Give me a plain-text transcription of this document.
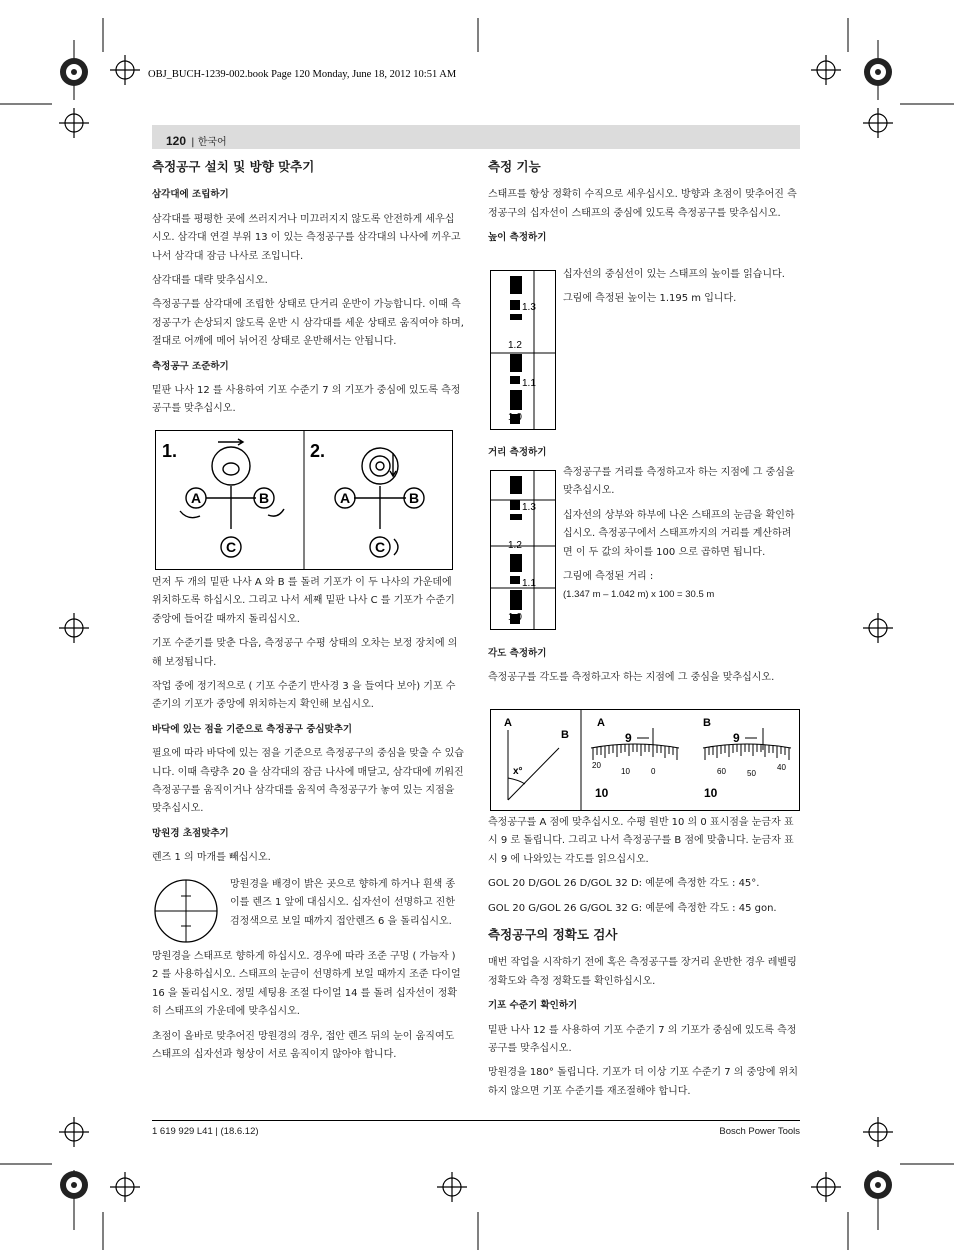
OBJ_BUCH-1239-002.book Page 120 Monday, June 18, 2012 10:51 AM
120 | 한국어
측정공구 설치 및 방향 맞추기
삼각대에 조립하기

삼각대를 평평한 곳에 쓰러지거나 미끄러지지 않도록 안전하게 세우십시오. 삼각대 연결 부위 13 이 있는 측정공구를 삼각대의 나사에 끼우고 나서 삼각대 잠금 나사로 조입니다.

삼각대를 대략 맞추십시오.

측정공구를 삼각대에 조립한 상태로 단거리 운반이 가능합니다. 이때 측정공구가 손상되지 않도록 운반 시 삼각대를 세운 상태로 움직여야 하며, 절대로 어깨에 메어 뉘어진 상태로 운반해서는 안됩니다.

측정공구 조준하기

밑판 나사 12 를 사용하여 기포 수준기 7 의 기포가 중심에 있도록 측정공구를 맞추십시오.

1.	2.
A	B
C
A	B
C

먼저 두 개의 밑판 나사 A 와 B 를 돌려 기포가 이 두 나사의 가운데에 위치하도록 하십시오. 그리고 나서 세째 밑판 나사 C 를 기포가 수준기 중앙에 들어갈 때까지 돌리십시오.

기포 수준기를 맞춘 다음, 측정공구 수평 상태의 오차는 보정 장치에 의해 보정됩니다.

작업 중에 정기적으로 ( 기포 수준기 반사경 3 을 들여다 보아) 기포 수준기의 기포가 중앙에 위치하는지 확인해 보십시오.

바닥에 있는 점을 기준으로 측정공구 중심맞추기

필요에 따라 바닥에 있는 점을 기준으로 측정공구의 중심을 맞출 수 있습니다. 이때 측량추 20 을 삼각대의 잠금 나사에 매달고, 삼각대에 끼워진 측정공구를 움직이거나 삼각대를 움직여 측정공구가 놓여 있는 지점을 맞추십시오.

망원경 초점맞추기

렌즈 1 의 마개를 빼십시오.

망원경을 배경이 밝은 곳으로 향하게 하거나 흰색 종이를 렌즈 1 앞에 대십시오. 십자선이 선명하고 진한 검정색으로 보일 때까지 접안렌즈 6 을 돌리십시오.

망원경을 스태프로 향하게 하십시오. 경우에 따라 조준 구멍 ( 가늠자 ) 2 를 사용하십시오. 스태프의 눈금이 선명하게 보일 때까지 조준 다이얼 16 을 돌리십시오. 정밀 세팅용 조절 다이얼 14 를 돌려 십자선이 정확히 스태프의 가운데에 맞추십시오.

초점이 올바로 맞추어진 망원경의 경우, 접안 렌즈 뒤의 눈이 움직여도 스태프의 십자선과 형상이 서로 움직이지 않아야 합니다.

측정 기능

스태프를 항상 정확히 수직으로 세우십시오. 방향과 초점이 맞추어진 측정공구의 십자선이 스태프의 중심에 있도록 측정공구를 맞추십시오.

높이 측정하기
1.3
1.2
1.1
1.0

십자선의 중심선이 있는 스태프의 높이를 읽습니다.

그림에 측정된 높이는 1.195 m 입니다.

거리 측정하기
1.3
1.2
1.1
1.0

측정공구를 거리를 측정하고자 하는 지점에 그 중심을 맞추십시오.

십자선의 상부와 하부에 나온 스태프의 눈금을 확인하십시오. 측정공구에서 스태프까지의 거리를 계산하려면 이 두 값의 차이를 100 으로 곱하면 됩니다.

그림에 측정된 거리 :

(1.347 m – 1.042 m) x 100 = 30.5 m

각도 측정하기

측정공구를 각도를 측정하고자 하는 지점에 그 중심을 맞추십시오.

A
B
x°
A	B
9	9
10	10
20
10	0	60	50
40

측정공구를 A 점에 맞추십시오. 수평 원반 10 의 0 표시점을 눈금자 표시 9 로 돌립니다. 그리고 나서 측정공구를 B 점에 맞춥니다. 눈금자 표시 9 에 나와있는 각도를 읽으십시오.

GOL 20 D/GOL 26 D/GOL 32 D: 예문에 측정한 각도 : 45°.

GOL 20 G/GOL 26 G/GOL 32 G: 예문에 측정한 각도 : 45 gon.

측정공구의 정확도 검사

매번 작업을 시작하기 전에 혹은 측정공구를 장거리 운반한 경우 레벨링 정확도와 측정 정확도를 확인하십시오.

기포 수준기 확인하기

밑판 나사 12 를 사용하여 기포 수준기 7 의 기포가 중심에 있도록 측정공구를 맞추십시오.

망원경을 180° 돌립니다. 기포가 더 이상 기포 수준기 7 의 중앙에 위치하지 않으면 기포 수준기를 재조절해야 합니다.

1 619 929 L41 | (18.6.12)	Bosch Power Tools
